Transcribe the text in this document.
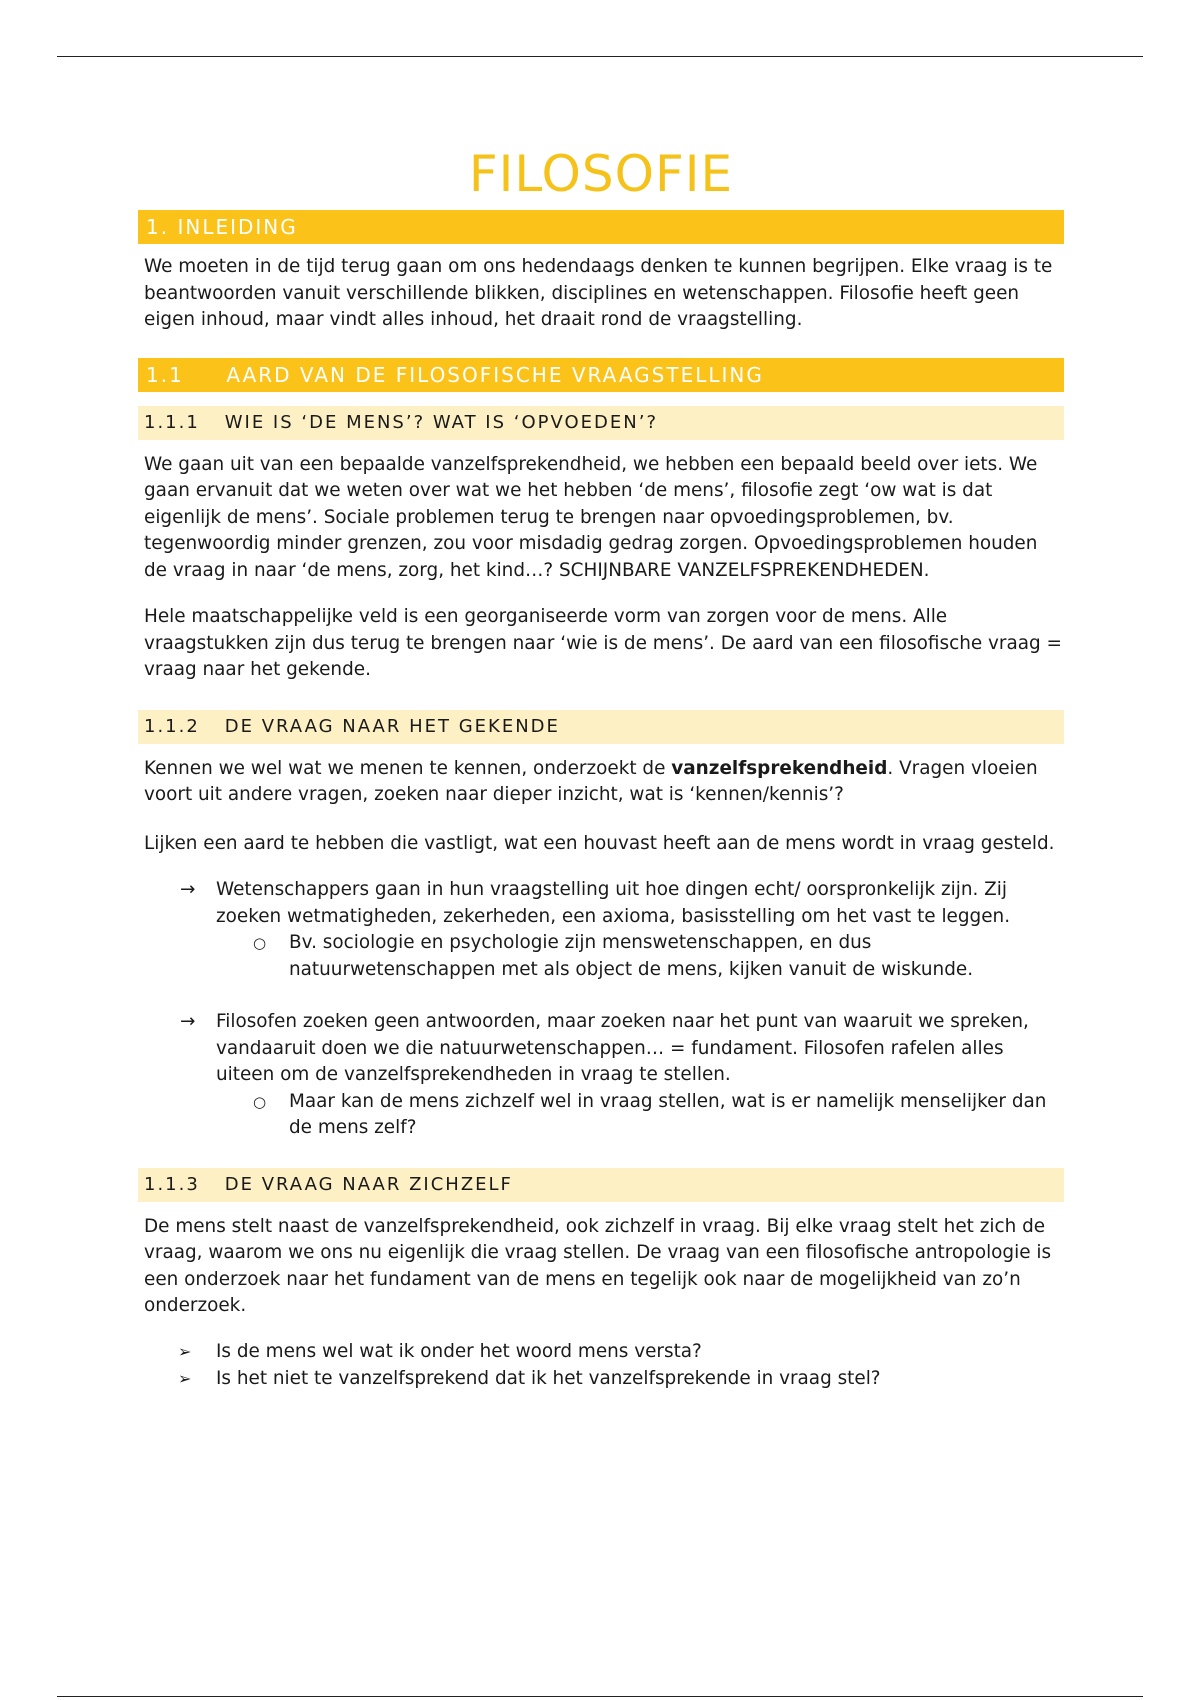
FILOSOFIE
1. INLEIDING

We moeten in de tijd terug gaan om ons hedendaags denken te kunnen begrijpen. Elke vraag is te beantwoorden vanuit verschillende blikken, disciplines en wetenschappen. Filosofie heeft geen eigen inhoud, maar vindt alles inhoud, het draait rond de vraagstelling.

1.1 AARD VAN DE FILOSOFISCHE VRAAGSTELLING
1.1.1 WIE IS ‘DE MENS’? WAT IS ‘OPVOEDEN’?

We gaan uit van een bepaalde vanzelfsprekendheid, we hebben een bepaald beeld over iets. We gaan ervanuit dat we weten over wat we het hebben ‘de mens’, filosofie zegt ‘ow wat is dat eigenlijk de mens’. Sociale problemen terug te brengen naar opvoedingsproblemen, bv. tegenwoordig minder grenzen, zou voor misdadig gedrag zorgen. Opvoedingsproblemen houden de vraag in naar ‘de mens, zorg, het kind…? SCHIJNBARE VANZELFSPREKENDHEDEN.

Hele maatschappelijke veld is een georganiseerde vorm van zorgen voor de mens. Alle vraagstukken zijn dus terug te brengen naar ‘wie is de mens’. De aard van een filosofische vraag = vraag naar het gekende.

1.1.2 DE VRAAG NAAR HET GEKENDE

Kennen we wel wat we menen te kennen, onderzoekt de vanzelfsprekendheid. Vragen vloeien voort uit andere vragen, zoeken naar dieper inzicht, wat is ‘kennen/kennis’?

Lijken een aard te hebben die vastligt, wat een houvast heeft aan de mens wordt in vraag gesteld.

→ Wetenschappers gaan in hun vraagstelling uit hoe dingen echt/ oorspronkelijk zijn. Zij zoeken wetmatigheden, zekerheden, een axioma, basisstelling om het vast te leggen.
○ Bv. sociologie en psychologie zijn menswetenschappen, en dus natuurwetenschappen met als object de mens, kijken vanuit de wiskunde.
→ Filosofen zoeken geen antwoorden, maar zoeken naar het punt van waaruit we spreken, vandaaruit doen we die natuurwetenschappen… = fundament. Filosofen rafelen alles uiteen om de vanzelfsprekendheden in vraag te stellen.
○ Maar kan de mens zichzelf wel in vraag stellen, wat is er namelijk menselijker dan de mens zelf?
1.1.3 DE VRAAG NAAR ZICHZELF

De mens stelt naast de vanzelfsprekendheid, ook zichzelf in vraag. Bij elke vraag stelt het zich de vraag, waarom we ons nu eigenlijk die vraag stellen. De vraag van een filosofische antropologie is een onderzoek naar het fundament van de mens en tegelijk ook naar de mogelijkheid van zo’n onderzoek.

➢ Is de mens wel wat ik onder het woord mens versta?
➢ Is het niet te vanzelfsprekend dat ik het vanzelfsprekende in vraag stel?
